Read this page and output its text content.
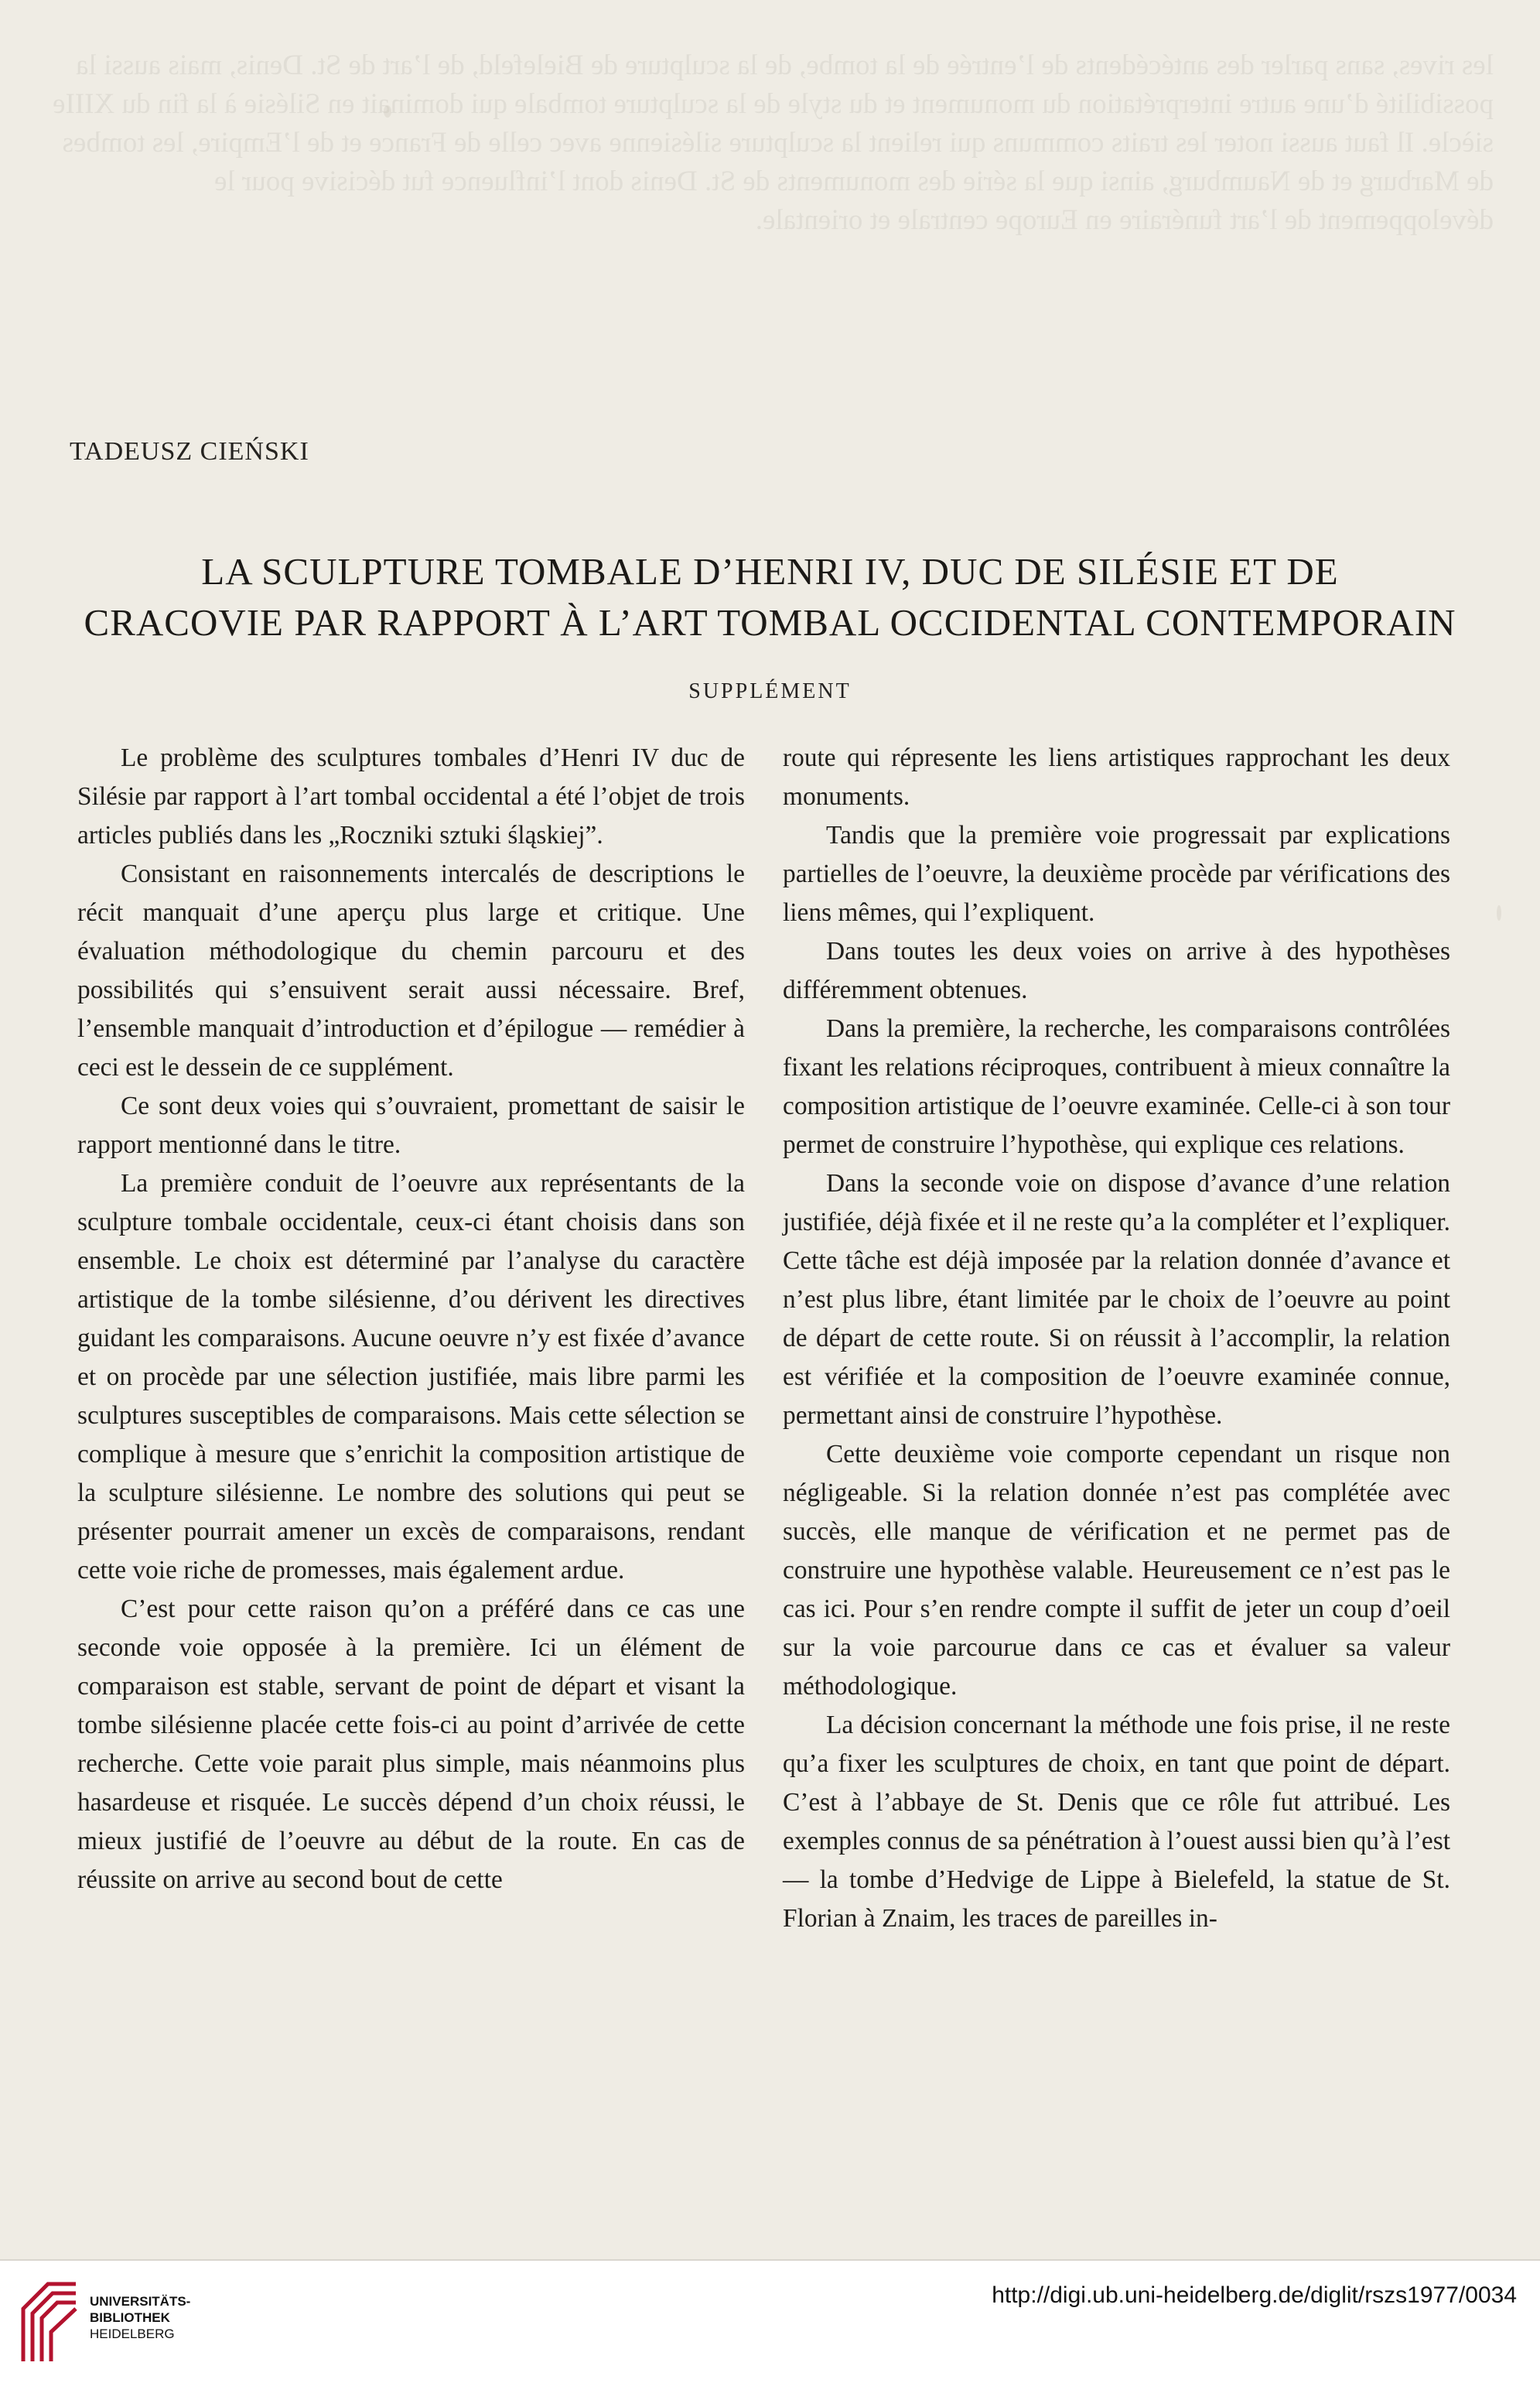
les rives, sans parler des antécédents de l’entrée de la tombe, de la sculpture de Bielefeld, de l’art de St. Denis, mais aussi la possibilité d’une autre interprétation du monument et du style de la sculpture tombale qui dominait en Silésie à la fin du XIIIe siècle. Il faut aussi noter les traits communs qui relient la sculpture silésienne avec celle de France et de l’Empire, les tombes de Marburg et de Naumburg, ainsi que la série des monuments de St. Denis dont l’influence fut décisive pour le développement de l’art funéraire en Europe centrale et orientale.
TADEUSZ CIEŃSKI
LA SCULPTURE TOMBALE D’HENRI IV, DUC DE SILÉSIE ET DE
CRACOVIE PAR RAPPORT À L’ART TOMBAL OCCIDENTAL CONTEMPORAIN
SUPPLÉMENT

Le problème des sculptures tombales d’Henri IV duc de Silésie par rapport à l’art tombal occidental a été l’objet de trois articles publiés dans les „Roczniki sztuki śląskiej”.

Consistant en raisonnements intercalés de descriptions le récit manquait d’une aperçu plus large et critique. Une évaluation méthodologique du chemin parcouru et des possibilités qui s’ensuivent serait aussi nécessaire. Bref, l’ensemble manquait d’introduction et d’épilogue — remédier à ceci est le dessein de ce supplément.

Ce sont deux voies qui s’ouvraient, promettant de saisir le rapport mentionné dans le titre.

La première conduit de l’oeuvre aux représentants de la sculpture tombale occidentale, ceux-ci étant choisis dans son ensemble. Le choix est déterminé par l’analyse du caractère artistique de la tombe silésienne, d’ou dérivent les directives guidant les comparaisons. Aucune oeuvre n’y est fixée d’avance et on procède par une sélection justifiée, mais libre parmi les sculptures susceptibles de comparaisons. Mais cette sélection se complique à mesure que s’enrichit la composition artistique de la sculpture silésienne. Le nombre des solutions qui peut se présenter pourrait amener un excès de comparaisons, rendant cette voie riche de promesses, mais également ardue.

C’est pour cette raison qu’on a préféré dans ce cas une seconde voie opposée à la première. Ici un élément de comparaison est stable, servant de point de départ et visant la tombe silésienne placée cette fois-ci au point d’arrivée de cette recherche. Cette voie parait plus simple, mais néanmoins plus hasardeuse et risquée. Le succès dépend d’un choix réussi, le mieux justifié de l’oeuvre au début de la route. En cas de réussite on arrive au second bout de cette

route qui répresente les liens artistiques rapprochant les deux monuments.

Tandis que la première voie progressait par explications partielles de l’oeuvre, la deuxième procède par vérifications des liens mêmes, qui l’expliquent.

Dans toutes les deux voies on arrive à des hypothèses différemment obtenues.

Dans la première, la recherche, les comparaisons contrôlées fixant les relations réciproques, contribuent à mieux connaître la composition artistique de l’oeuvre examinée. Celle-ci à son tour permet de construire l’hypothèse, qui explique ces relations.

Dans la seconde voie on dispose d’avance d’une relation justifiée, déjà fixée et il ne reste qu’a la compléter et l’expliquer. Cette tâche est déjà imposée par la relation donnée d’avance et n’est plus libre, étant limitée par le choix de l’oeuvre au point de départ de cette route. Si on réussit à l’accomplir, la relation est vérifiée et la composition de l’oeuvre examinée connue, permettant ainsi de construire l’hypothèse.

Cette deuxième voie comporte cependant un risque non négligeable. Si la relation donnée n’est pas complétée avec succès, elle manque de vérification et ne permet pas de construire une hypothèse valable. Heureusement ce n’est pas le cas ici. Pour s’en rendre compte il suffit de jeter un coup d’oeil sur la voie parcourue dans ce cas et évaluer sa valeur méthodologique.

La décision concernant la méthode une fois prise, il ne reste qu’a fixer les sculptures de choix, en tant que point de départ. C’est à l’abbaye de St. Denis que ce rôle fut attribué. Les exemples connus de sa pénétration à l’ouest aussi bien qu’à l’est — la tombe d’Hedvige de Lippe à Bielefeld, la statue de St. Florian à Znaim, les traces de pareilles in-

UNIVERSITÄTS-
BIBLIOTHEK
HEIDELBERG
http://digi.ub.uni-heidelberg.de/diglit/rszs1977/0034
